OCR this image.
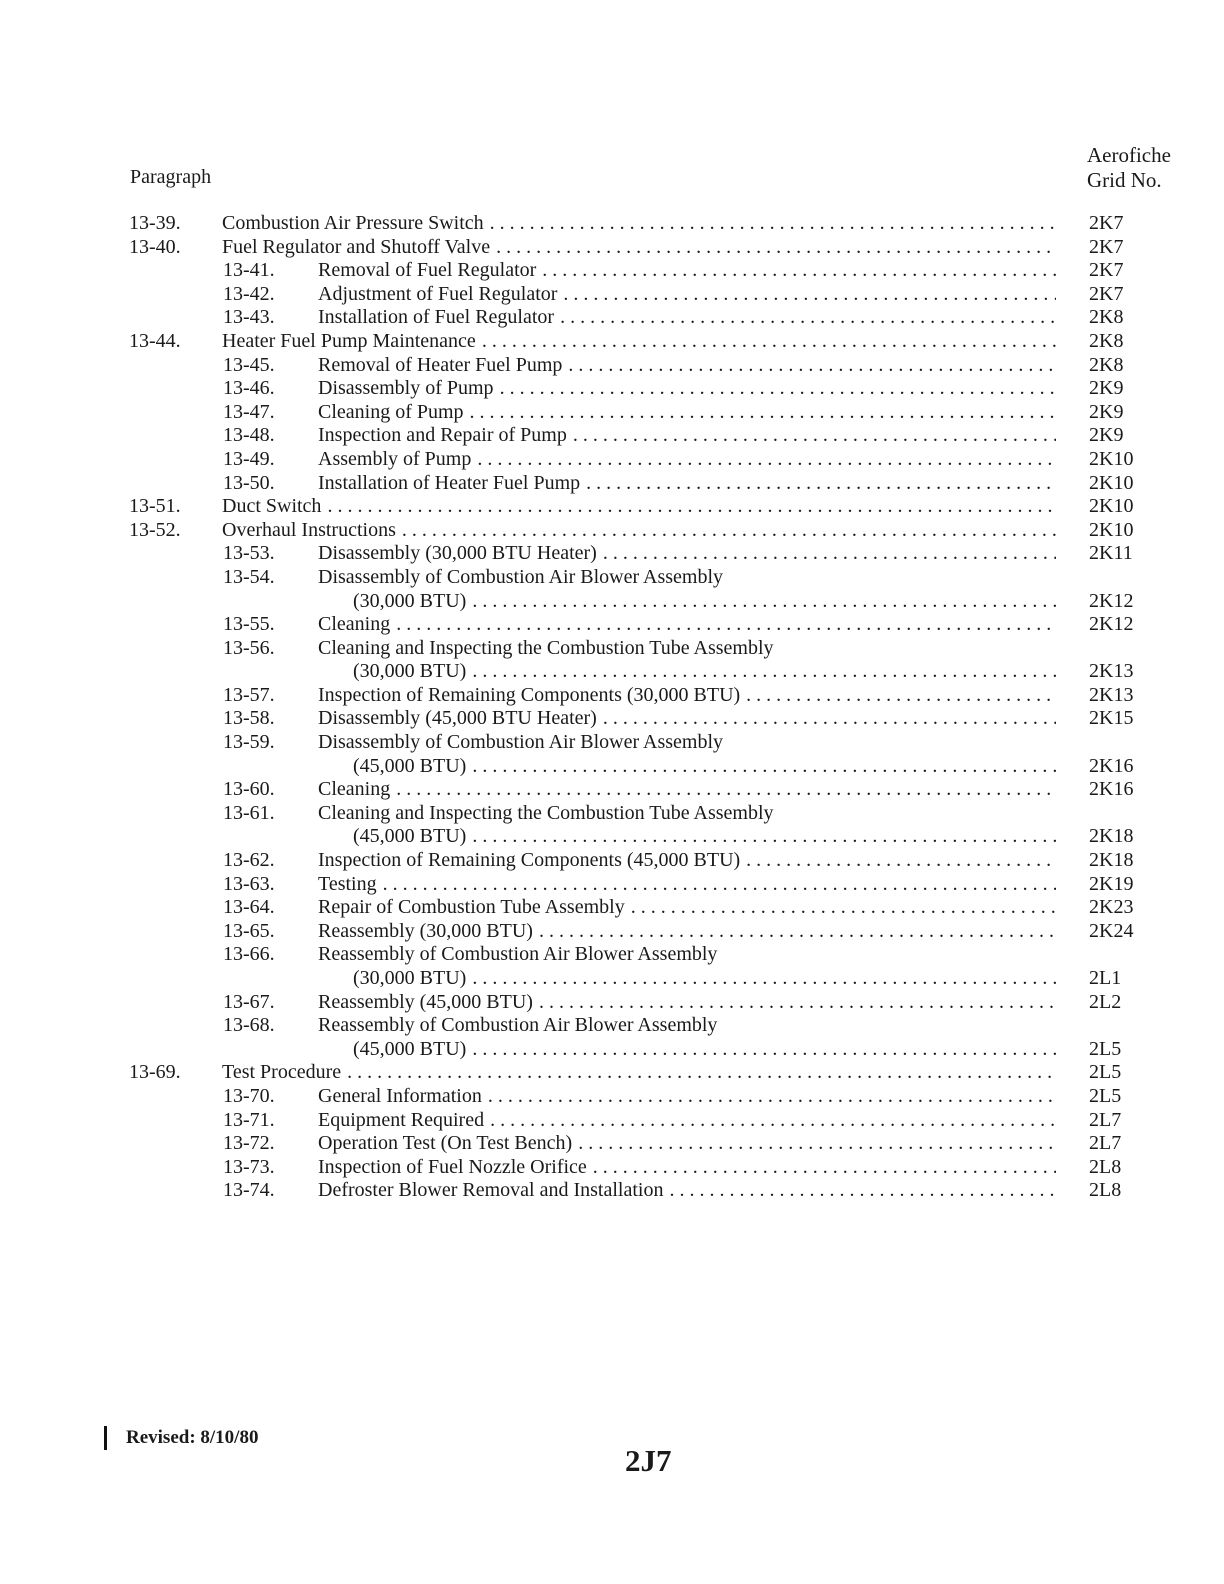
Paragraph
Aerofiche
Grid No.
13-39. Combustion Air Pressure Switch . . .	2K7
13-40. Fuel Regulator and Shutoff Valve . . .	2K7
13-41. Removal of Fuel Regulator . . .	2K7
13-42. Adjustment of Fuel Regulator . . .	2K7
13-43. Installation of Fuel Regulator . . .	2K8
13-44. Heater Fuel Pump Maintenance . . .	2K8
13-45. Removal of Heater Fuel Pump . . .	2K8
13-46. Disassembly of Pump . . .	2K9
13-47. Cleaning of Pump . . .	2K9
13-48. Inspection and Repair of Pump . . .	2K9
13-49. Assembly of Pump . . .	2K10
13-50. Installation of Heater Fuel Pump . . .	2K10
13-51. Duct Switch . . .	2K10
13-52. Overhaul Instructions . . .	2K10
13-53. Disassembly (30,000 BTU Heater) . . .	2K11
13-54. Disassembly of Combustion Air Blower Assembly
(30,000 BTU) . . .	2K12
13-55. Cleaning . . .	2K12
13-56. Cleaning and Inspecting the Combustion Tube Assembly
(30,000 BTU) . . .	2K13
13-57. Inspection of Remaining Components (30,000 BTU) . . .	2K13
13-58. Disassembly (45,000 BTU Heater) . . .	2K15
13-59. Disassembly of Combustion Air Blower Assembly
(45,000 BTU) . . .	2K16
13-60. Cleaning . . .	2K16
13-61. Cleaning and Inspecting the Combustion Tube Assembly
(45,000 BTU) . . .	2K18
13-62. Inspection of Remaining Components (45,000 BTU) . . .	2K18
13-63. Testing . . .	2K19
13-64. Repair of Combustion Tube Assembly . . .	2K23
13-65. Reassembly (30,000 BTU) . . .	2K24
13-66. Reassembly of Combustion Air Blower Assembly
(30,000 BTU) . . .	2L1
13-67. Reassembly (45,000 BTU) . . .	2L2
13-68. Reassembly of Combustion Air Blower Assembly
(45,000 BTU) . . .	2L5
13-69. Test Procedure . . .	2L5
13-70. General Information . . .	2L5
13-71. Equipment Required . . .	2L7
13-72. Operation Test (On Test Bench) . . .	2L7
13-73. Inspection of Fuel Nozzle Orifice . . .	2L8
13-74. Defroster Blower Removal and Installation . . .	2L8
Revised: 8/10/80
2J7
